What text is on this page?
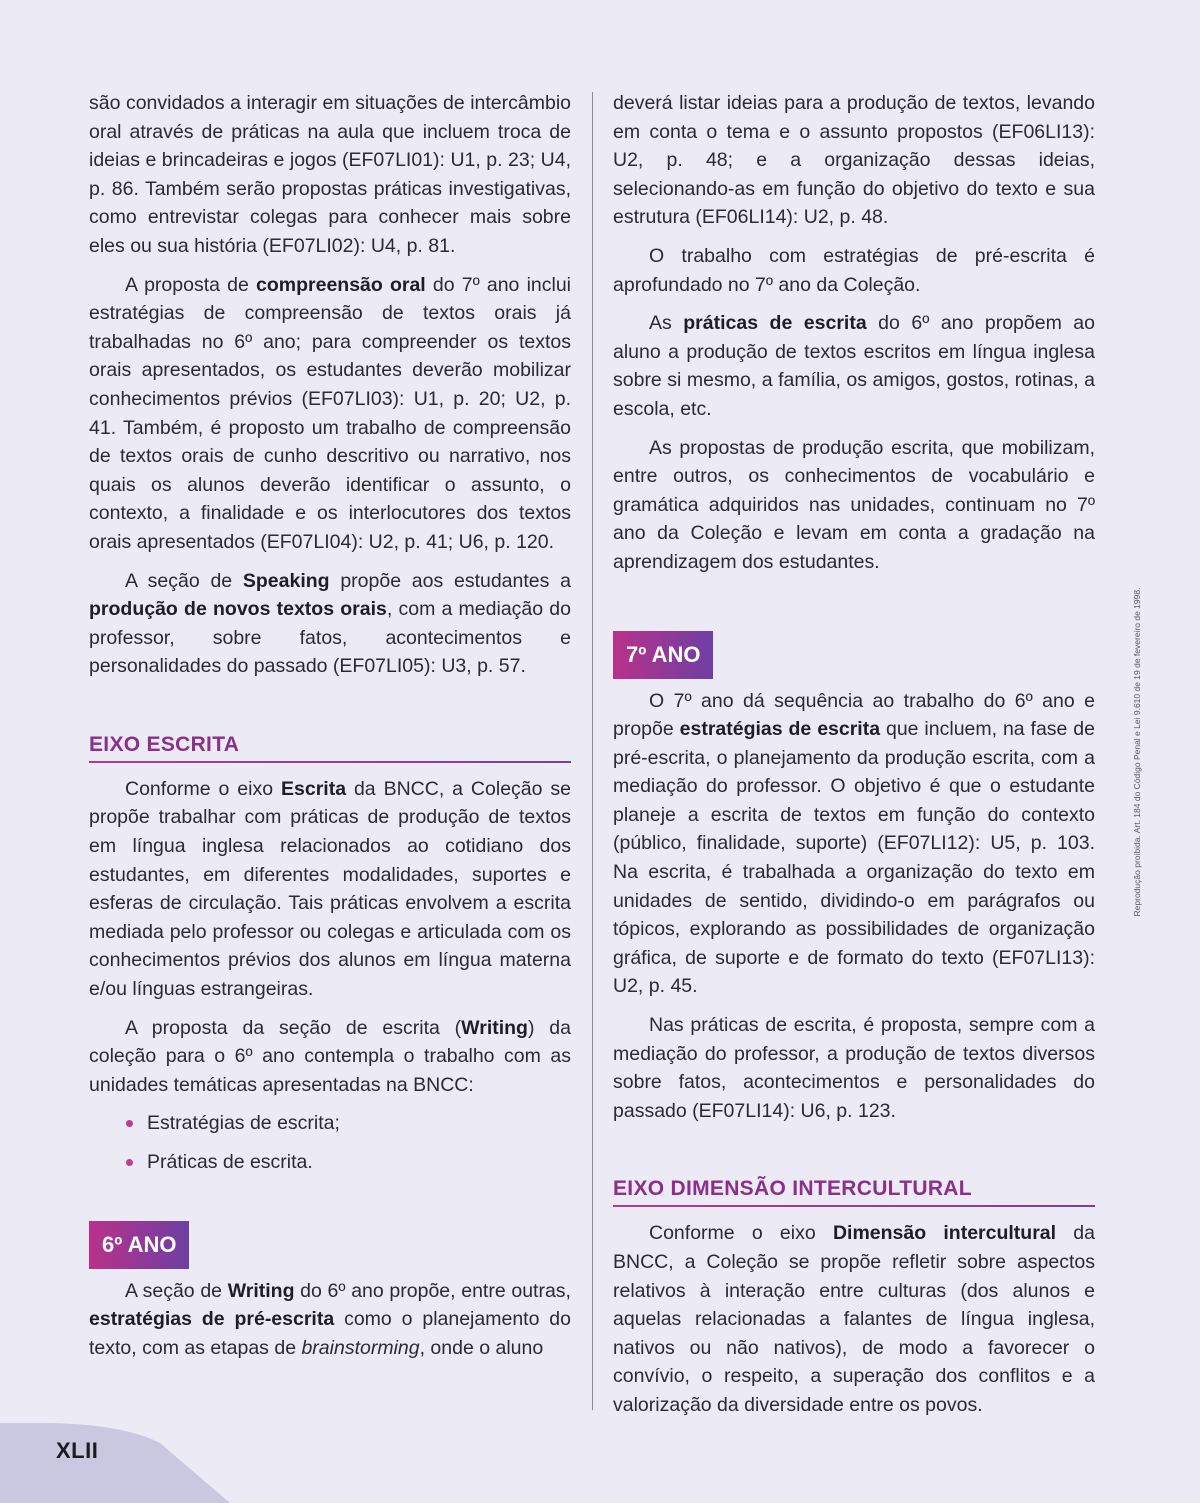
são convidados a interagir em situações de intercâmbio oral através de práticas na aula que incluem troca de ideias e brincadeiras e jogos (EF07LI01): U1, p. 23; U4, p. 86. Também serão propostas práticas investigativas, como entrevistar colegas para conhecer mais sobre eles ou sua história (EF07LI02): U4, p. 81.

A proposta de compreensão oral do 7º ano inclui estratégias de compreensão de textos orais já trabalhadas no 6º ano; para compreender os textos orais apresentados, os estudantes deverão mobilizar conhecimentos prévios (EF07LI03): U1, p. 20; U2, p. 41. Também, é proposto um trabalho de compreensão de textos orais de cunho descritivo ou narrativo, nos quais os alunos deverão identificar o assunto, o contexto, a finalidade e os interlocutores dos textos orais apresentados (EF07LI04): U2, p. 41; U6, p. 120.

A seção de Speaking propõe aos estudantes a produção de novos textos orais, com a mediação do professor, sobre fatos, acontecimentos e personalidades do passado (EF07LI05): U3, p. 57.

EIXO ESCRITA

Conforme o eixo Escrita da BNCC, a Coleção se propõe trabalhar com práticas de produção de textos em língua inglesa relacionados ao cotidiano dos estudantes, em diferentes modalidades, suportes e esferas de circulação. Tais práticas envolvem a escrita mediada pelo professor ou colegas e articulada com os conhecimentos prévios dos alunos em língua materna e/ou línguas estrangeiras.

A proposta da seção de escrita (Writing) da coleção para o 6º ano contempla o trabalho com as unidades temáticas apresentadas na BNCC:

Estratégias de escrita;
Práticas de escrita.
6º ANO

A seção de Writing do 6º ano propõe, entre outras, estratégias de pré-escrita como o planejamento do texto, com as etapas de brainstorming, onde o aluno

deverá listar ideias para a produção de textos, levando em conta o tema e o assunto propostos (EF06LI13): U2, p. 48; e a organização dessas ideias, selecionando-as em função do objetivo do texto e sua estrutura (EF06LI14): U2, p. 48.

O trabalho com estratégias de pré-escrita é aprofundado no 7º ano da Coleção.

As práticas de escrita do 6º ano propõem ao aluno a produção de textos escritos em língua inglesa sobre si mesmo, a família, os amigos, gostos, rotinas, a escola, etc.

As propostas de produção escrita, que mobilizam, entre outros, os conhecimentos de vocabulário e gramática adquiridos nas unidades, continuam no 7º ano da Coleção e levam em conta a gradação na aprendizagem dos estudantes.

7º ANO

O 7º ano dá sequência ao trabalho do 6º ano e propõe estratégias de escrita que incluem, na fase de pré-escrita, o planejamento da produção escrita, com a mediação do professor. O objetivo é que o estudante planeje a escrita de textos em função do contexto (público, finalidade, suporte) (EF07LI12): U5, p. 103. Na escrita, é trabalhada a organização do texto em unidades de sentido, dividindo-o em parágrafos ou tópicos, explorando as possibilidades de organização gráfica, de suporte e de formato do texto (EF07LI13): U2, p. 45.

Nas práticas de escrita, é proposta, sempre com a mediação do professor, a produção de textos diversos sobre fatos, acontecimentos e personalidades do passado (EF07LI14): U6, p. 123.

EIXO DIMENSÃO INTERCULTURAL

Conforme o eixo Dimensão intercultural da BNCC, a Coleção se propõe refletir sobre aspectos relativos à interação entre culturas (dos alunos e aquelas relacionadas a falantes de língua inglesa, nativos ou não nativos), de modo a favorecer o convívio, o respeito, a superação dos conflitos e a valorização da diversidade entre os povos.

Reprodução proibida. Art. 184 do Código Penal e Lei 9.610 de 19 de fevereiro de 1998.
XLII
